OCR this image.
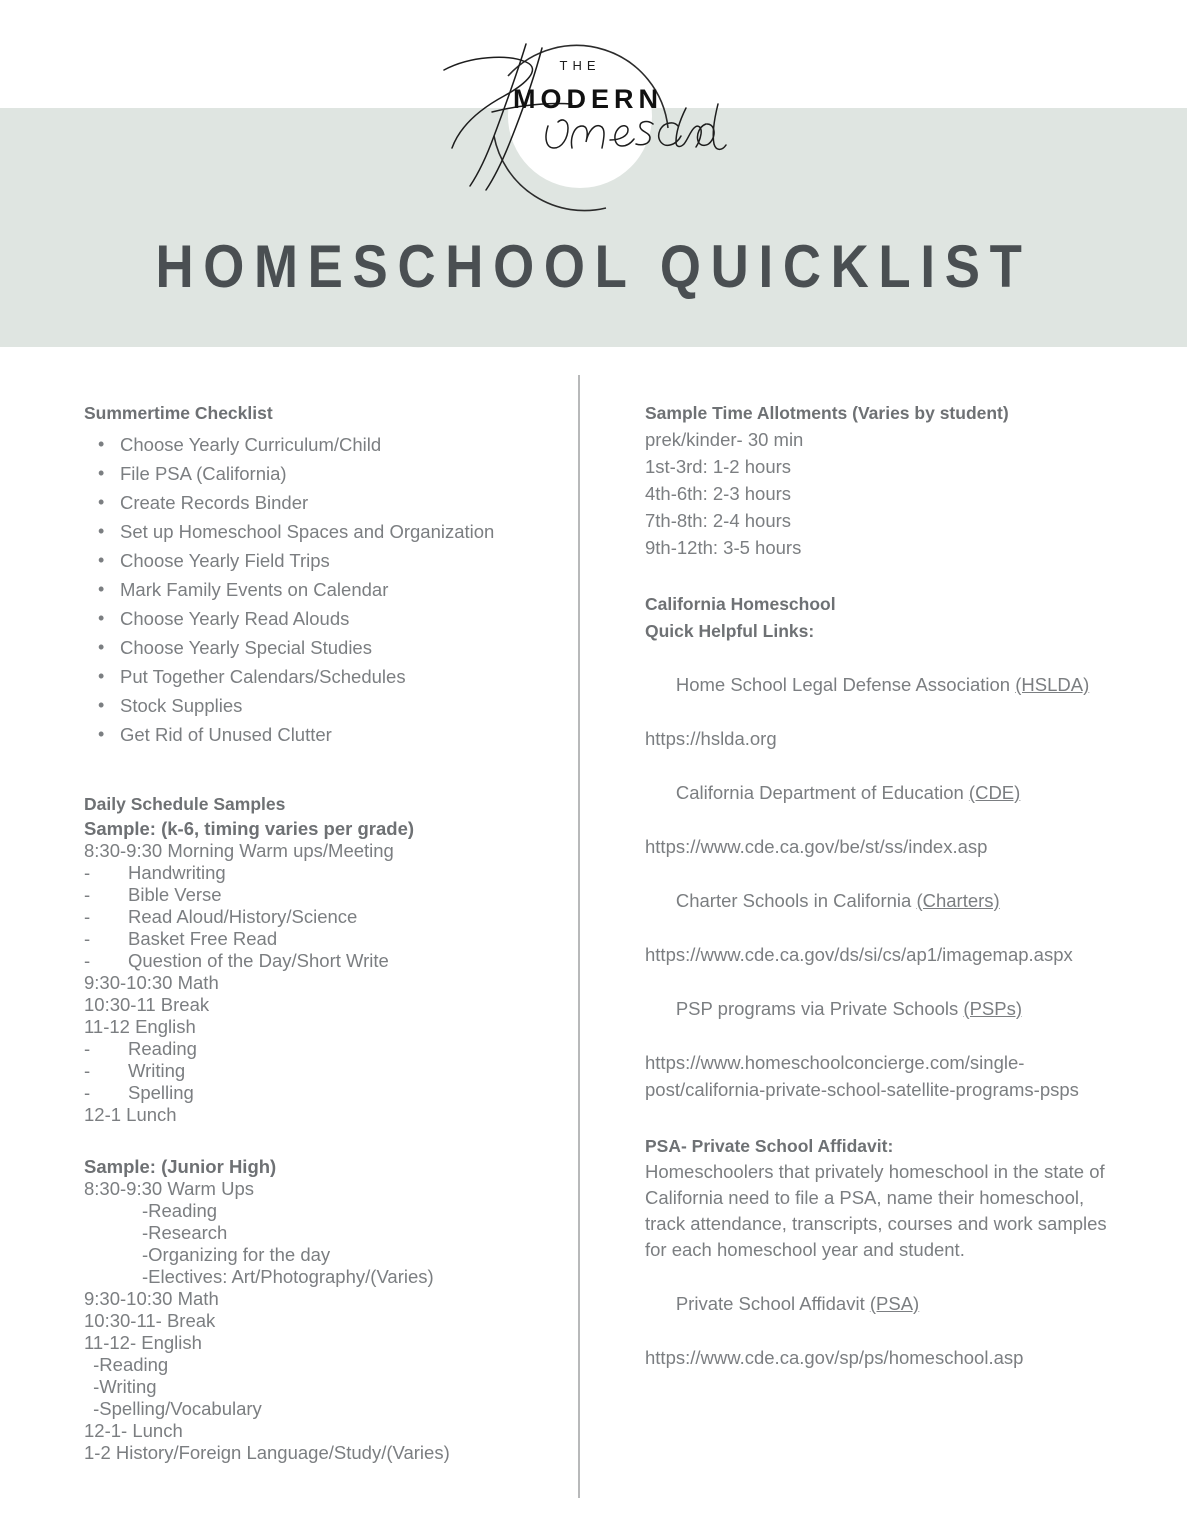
THE
MODERN
HOMESCHOOL QUICKLIST
Summertime Checklist
• Choose Yearly Curriculum/Child
• File PSA (California)
• Create Records Binder
• Set up Homeschool Spaces and Organization
• Choose Yearly Field Trips
• Mark Family Events on Calendar
• Choose Yearly Read Alouds
• Choose Yearly Special Studies
• Put Together Calendars/Schedules
• Stock Supplies
• Get Rid of Unused Clutter
Daily Schedule Samples
Sample: (k-6, timing varies per grade)
8:30-9:30 Morning Warm ups/Meeting
-	Handwriting
-	Bible Verse
-	Read Aloud/History/Science
-	Basket Free Read
-	Question of the Day/Short Write
9:30-10:30 Math
10:30-11 Break
11-12 English
-	Reading
-	Writing
-	Spelling
12-1 Lunch
Sample: (Junior High)
8:30-9:30 Warm Ups
-Reading
-Research
-Organizing for the day
-Electives: Art/Photography/(Varies)
9:30-10:30 Math
10:30-11- Break
11-12- English
-Reading
-Writing
-Spelling/Vocabulary
12-1- Lunch
1-2 History/Foreign Language/Study/(Varies)
Sample Time Allotments (Varies by student)
prek/kinder- 30 min
1st-3rd: 1-2 hours
4th-6th: 2-3 hours
7th-8th: 2-4 hours
9th-12th: 3-5 hours
California Homeschool
Quick Helpful Links:

Home School Legal Defense Association (HSLDA)

https://hslda.org

California Department of Education (CDE)

https://www.cde.ca.gov/be/st/ss/index.asp

Charter Schools in California (Charters)

https://www.cde.ca.gov/ds/si/cs/ap1/imagemap.aspx

PSP programs via Private Schools (PSPs)

https://www.homeschoolconcierge.com/single-
post/california-private-school-satellite-programs-psps
PSA- Private School Affidavit:
Homeschoolers that privately homeschool in the state of California need to file a PSA, name their homeschool, track attendance, transcripts, courses and work samples for each homeschool year and student.

Private School Affidavit (PSA)

https://www.cde.ca.gov/sp/ps/homeschool.asp
